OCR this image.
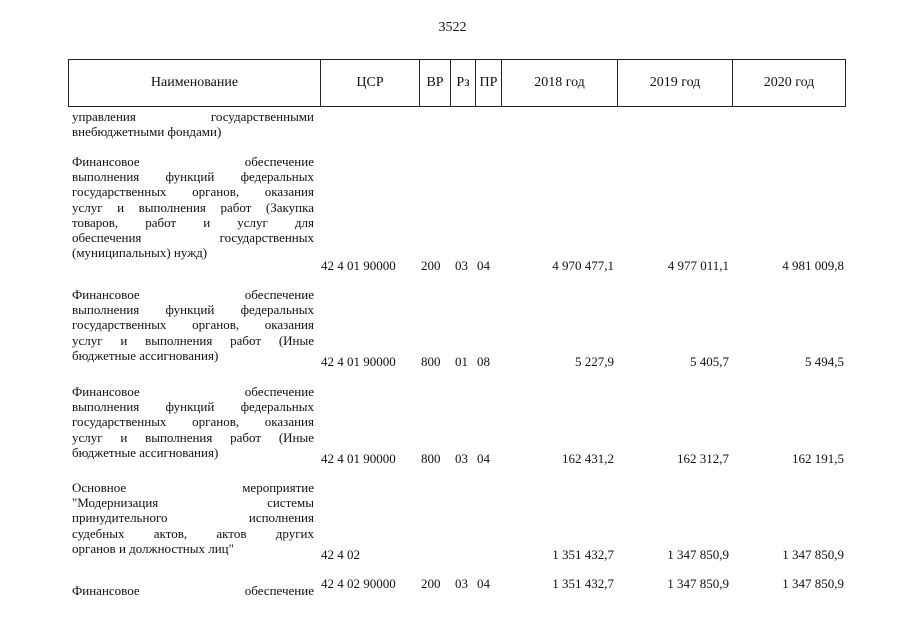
3522
Наименование	ЦСР	ВР Рз ПР	2018 год	2019 год	2020 год
управления государственными
внебюджетными фондами)
Финансовое обеспечение
выполнения функций федеральных
государственных органов, оказания
услуг и выполнения работ (Закупка
товаров, работ и услуг для
обеспечения государственных
(муниципальных) нужд)
42 4 01 90000 200 03 04	4 970 477,1	4 977 011,1	4 981 009,8
Финансовое обеспечение
выполнения функций федеральных
государственных органов, оказания
услуг и выполнения работ (Иные
бюджетные ассигнования)	42 4 01 90000 800 01 08	5 227,9	5 405,7	5 494,5
Финансовое обеспечение
выполнения функций федеральных
государственных органов, оказания
услуг и выполнения работ (Иные
бюджетные ассигнования)	42 4 01 90000 800 03 04	162 431,2	162 312,7	162 191,5
Основное мероприятие
"Модернизация системы
принудительного исполнения
судебных актов, актов других
органов и должностных лиц"	42 4 02	1 351 432,7	1 347 850,9	1 347 850,9
Финансовое обеспечение 42 4 02 90000 200 03 04	1 351 432,7	1 347 850,9	1 347 850,9
